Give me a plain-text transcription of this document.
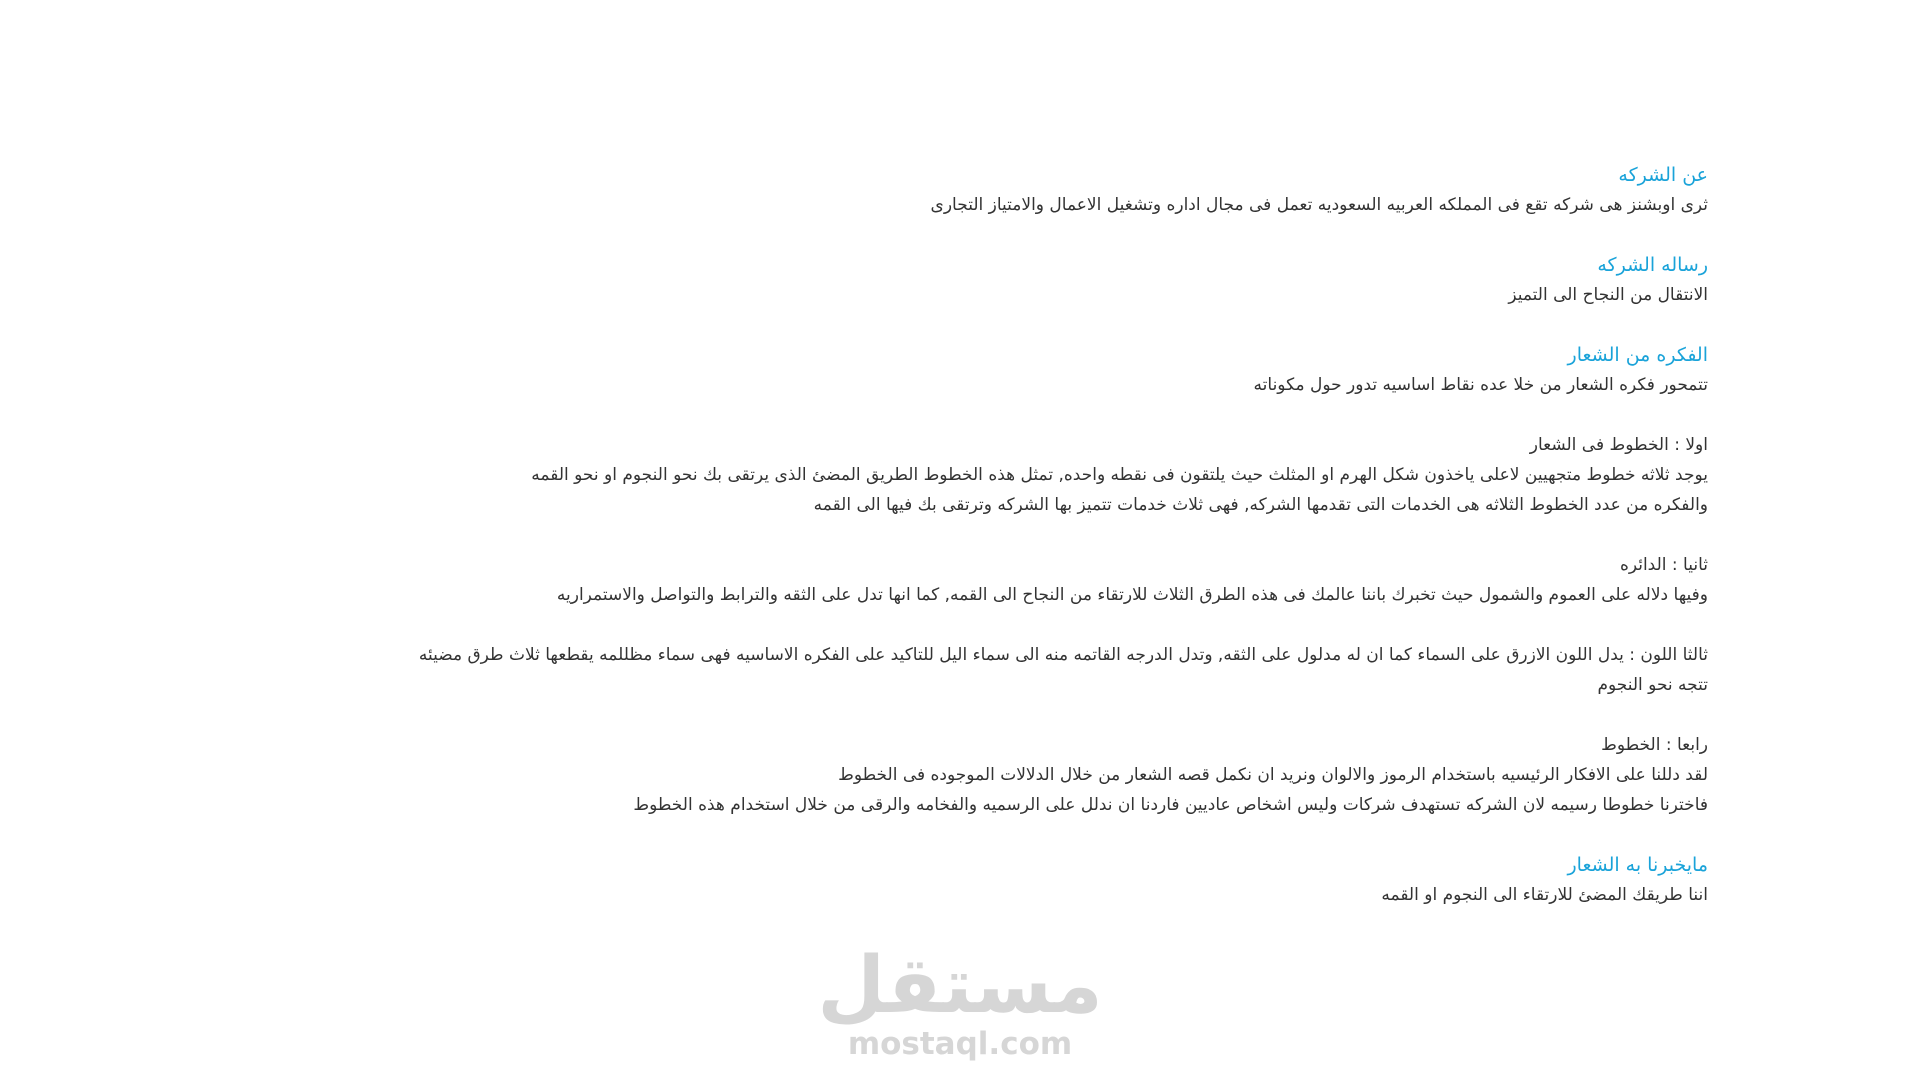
عن الشركه

ثرى اوبشنز هى شركه تقع فى المملكه العربيه السعوديه تعمل فى مجال اداره وتشغيل الاعمال والامتياز التجارى

رساله الشركه

الانتقال من النجاح الى التميز

الفكره من الشعار

تتمحور فكره الشعار من خلا عده نقاط اساسيه تدور حول مكوناته

اولا : الخطوط فى الشعار

يوجد ثلاثه خطوط متجهيين لاعلى ياخذون شكل الهرم او المثلث حيث يلتقون فى نقطه واحده, تمثل هذه الخطوط الطريق المضئ الذى يرتقى بك نحو النجوم او نحو القمه

والفكره من عدد الخطوط الثلاثه هى الخدمات التى تقدمها الشركه, فهى ثلاث خدمات تتميز بها الشركه وترتقى بك فيها الى القمه

ثانيا : الدائره

وفيها دلاله على العموم والشمول حيث تخبرك باننا عالمك فى هذه الطرق الثلاث للارتقاء من النجاح الى القمه, كما انها تدل على الثقه والترابط والتواصل والاستمراريه

ثالثا اللون : يدل اللون الازرق على السماء كما ان له مدلول على الثقه, وتدل الدرجه القاتمه منه الى سماء اليل للتاكيد على الفكره الاساسيه فهى سماء مظللمه يقطعها ثلاث طرق مضيئه

تتجه نحو النجوم

رابعا : الخطوط

لقد دللنا على الافكار الرئيسيه باستخدام الرموز والالوان ونريد ان نكمل قصه الشعار من خلال الدلالات الموجوده فى الخطوط

فاخترنا خطوطا رسيمه لان الشركه تستهدف شركات وليس اشخاص عاديين فاردنا ان ندلل على الرسميه والفخامه والرقى من خلال استخدام هذه الخطوط

مايخبرنا به الشعار

اننا طريقك المضئ للارتقاء الى النجوم او القمه

مستقل
mostaql.com
